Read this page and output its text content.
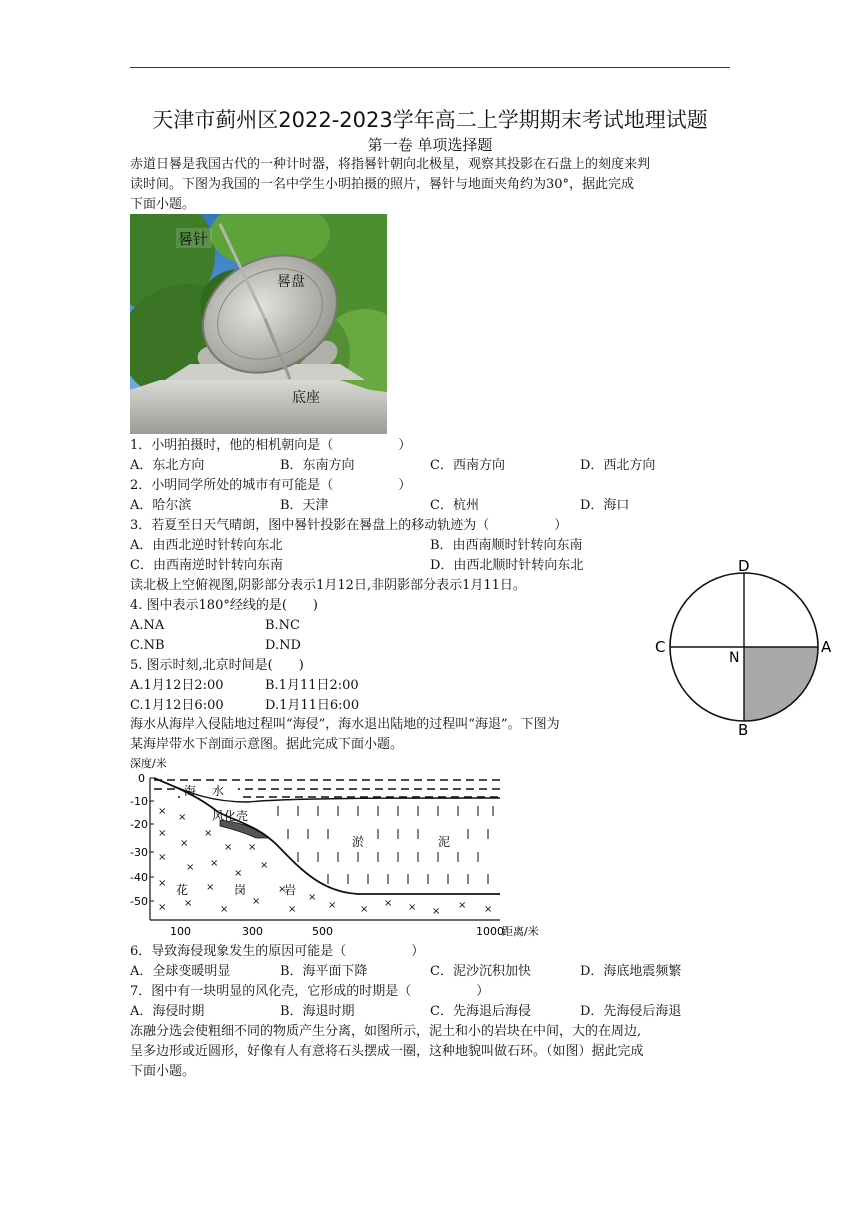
天津市蓟州区2022-2023学年高二上学期期末考试地理试题
第一卷 单项选择题
赤道日晷是我国古代的一种计时器，将指晷针朝向北极星，观察其投影在石盘上的刻度来判
读时间。下图为我国的一名中学生小明拍摄的照片，晷针与地面夹角约为30°，据此完成
下面小题。
晷针
晷盘
底座
1．小明拍摄时，他的相机朝向是（　　　　　）
A．东北方向	B．东南方向	C．西南方向	D．西北方向
2．小明同学所处的城市有可能是（　　　　　）
A．哈尔滨	B．天津	C．杭州	D．海口
3．若夏至日天气晴朗，图中晷针投影在晷盘上的移动轨迹为（　　　　　）
A．由西北逆时针转向东北	B．由西南顺时针转向东南
C．由西南逆时针转向东南	D．由西北顺时针转向东北
读北极上空俯视图,阴影部分表示1月12日,非阴影部分表示1月11日。
4. 图中表示180°经线的是(　　)
A.NA	B.NC
C.NB	D.ND
5. 图示时刻,北京时间是(　　)
A.1月12日2:00	B.1月11日2:00
C.1月12日6:00	D.1月11日6:00
D
C	A
B
N
海水从海岸入侵陆地过程叫“海侵”，海水退出陆地的过程叫“海退”。下图为
某海岸带水下剖面示意图。据此完成下面小题。
深度/米
0
-10
-20
-30
-40
-50
100	300	500	1000
距离/米
海 水
风化壳
淤	泥
×
×
×
×
×
× ×
×
× ×
×
×
×	×	×
×
× ×
×
×
×	× ×
× × ×
× ×
花	岗	岩
6．导致海侵现象发生的原因可能是（　　　　　）
A．全球变暖明显	B．海平面下降	C．泥沙沉积加快	D．海底地震频繁
7．图中有一块明显的风化壳，它形成的时期是（　　　　　）
A．海侵时期	B．海退时期	C．先海退后海侵	D．先海侵后海退
冻融分选会使粗细不同的物质产生分离，如图所示，泥土和小的岩块在中间，大的在周边,
呈多边形或近圆形，好像有人有意将石头摆成一圈，这种地貌叫做石环。（如图）据此完成
下面小题。
